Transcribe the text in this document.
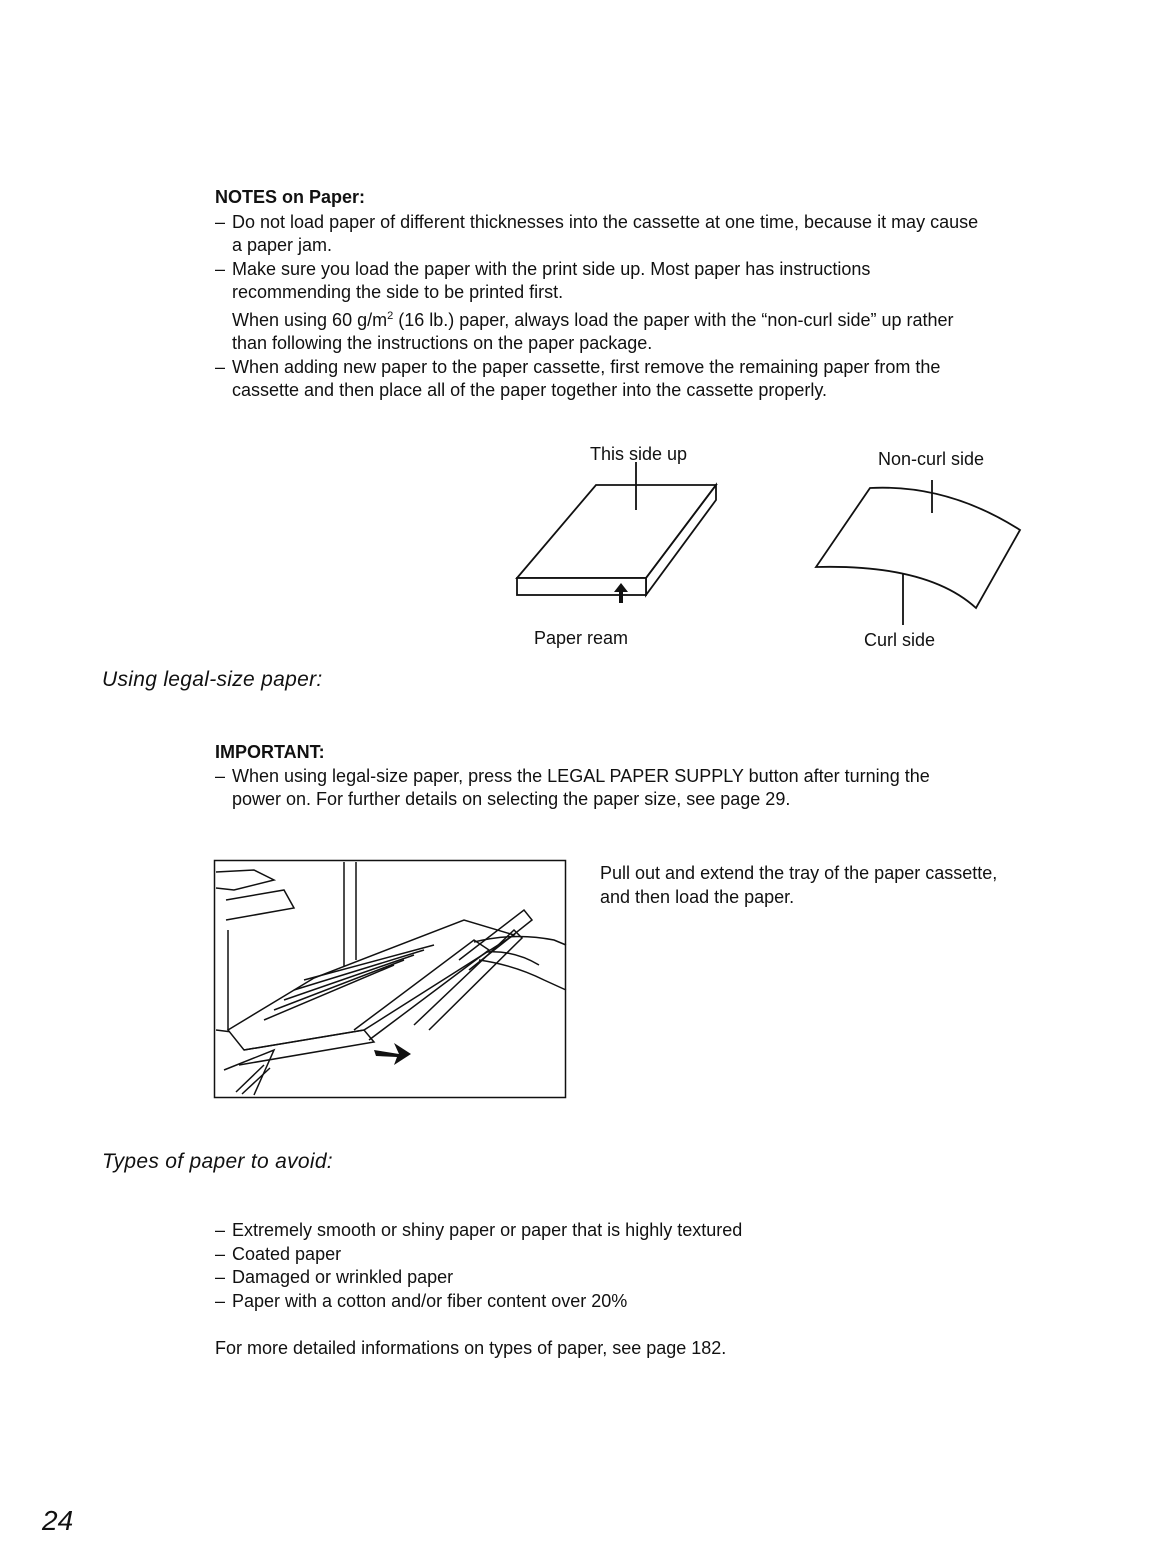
NOTES on Paper:
– Do not load paper of different thicknesses into the cassette at one time, because it may cause
a paper jam.
– Make sure you load the paper with the print side up. Most paper has instructions
recommending the side to be printed first.
When using 60 $g/m^2$ (16 lb.) paper, always load the paper with the “non-curl side” up rather
than following the instructions on the paper package.
– When adding new paper to the paper cassette, first remove the remaining paper from the
cassette and then place all of the paper together into the cassette properly.
This side up
Paper ream
Non-curl side
Curl side
Using legal-size paper:
IMPORTANT:
– When using legal-size paper, press the LEGAL PAPER SUPPLY button after turning the
power on. For further details on selecting the paper size, see page 29.
Pull out and extend the tray of the paper cassette,
and then load the paper.
Types of paper to avoid:
– Extremely smooth or shiny paper or paper that is highly textured
– Coated paper
– Damaged or wrinkled paper
– Paper with a cotton and/or fiber content over 20%
For more detailed informations on types of paper, see page 182.
24
